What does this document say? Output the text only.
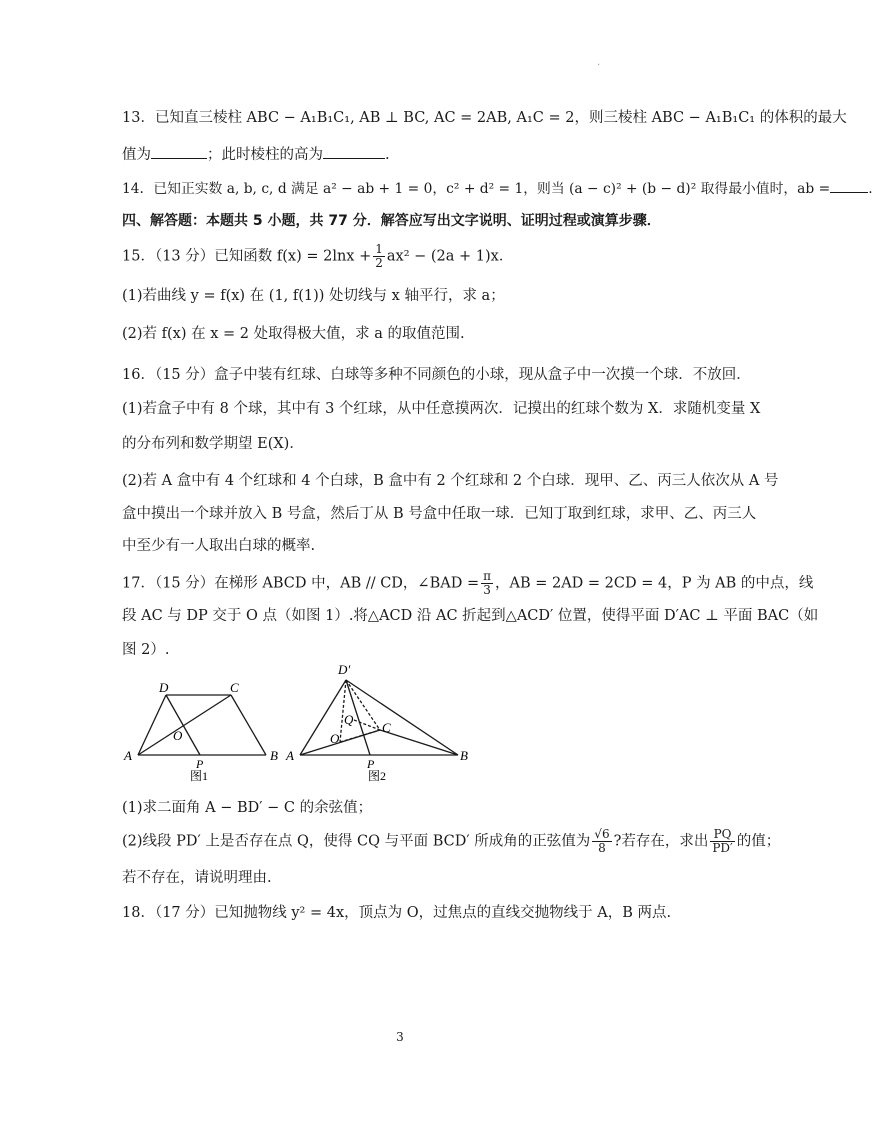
·
13．已知直三棱柱 ABC − A₁B₁C₁, AB ⊥ BC, AC = 2AB, A₁C = 2，则三棱柱 ABC − A₁B₁C₁ 的体积的最大
值为	；此时棱柱的高为	.
14．已知正实数 a, b, c, d 满足 a² − ab + 1 = 0，c² + d² = 1，则当 (a − c)² + (b − d)² 取得最小值时，ab =	.
四、解答题：本题共 5 小题，共 77 分．解答应写出文字说明、证明过程或演算步骤．
15．（13 分）已知函数 $f(x) = 2\ln x + \frac{1}{2} ax^2 - (2a + 1)x$．
(1)若曲线 y = f(x) 在 (1, f(1)) 处切线与 x 轴平行，求 a；
(2)若 f(x) 在 x = 2 处取得极大值，求 a 的取值范围.
16．（15 分）盒子中装有红球、白球等多种不同颜色的小球，现从盒子中一次摸一个球．不放回．
(1)若盒子中有 8 个球，其中有 3 个红球，从中任意摸两次．记摸出的红球个数为 X．求随机变量 X
的分布列和数学期望 E(X)．
(2)若 A 盒中有 4 个红球和 4 个白球，B 盒中有 2 个红球和 2 个白球．现甲、乙、丙三人依次从 A 号
盒中摸出一个球并放入 B 号盒，然后丁从 B 号盒中任取一球．已知丁取到红球，求甲、乙、丙三人
中至少有一人取出白球的概率.
17．（15 分）在梯形 ABCD 中，AB // CD，∠BAD = $\frac{\pi}{3}$ ，AB = 2AD = 2CD = 4，P 为 AB 的中点，线
段 AC 与 DP 交于 O 点（如图 1）.将△ACD 沿 AC 折起到△ACD′ 位置，使得平面 D′AC ⊥ 平面 BAC（如
图 2）.
A	B
C
D
O
P
图1
A	B
C
D′
O
P
Q
图2
(1)求二面角 A − BD′ − C 的余弦值；
(2)线段 PD′ 上是否存在点 Q，使得 CQ 与平面 BCD′ 所成角的正弦值为 $\frac{√6}{8}$ ?若存在，求出 $\frac{PQ}{PD'}$ 的值；
若不存在，请说明理由.
18．（17 分）已知抛物线 y² = 4x，顶点为 O，过焦点的直线交抛物线于 A，B 两点.
3
